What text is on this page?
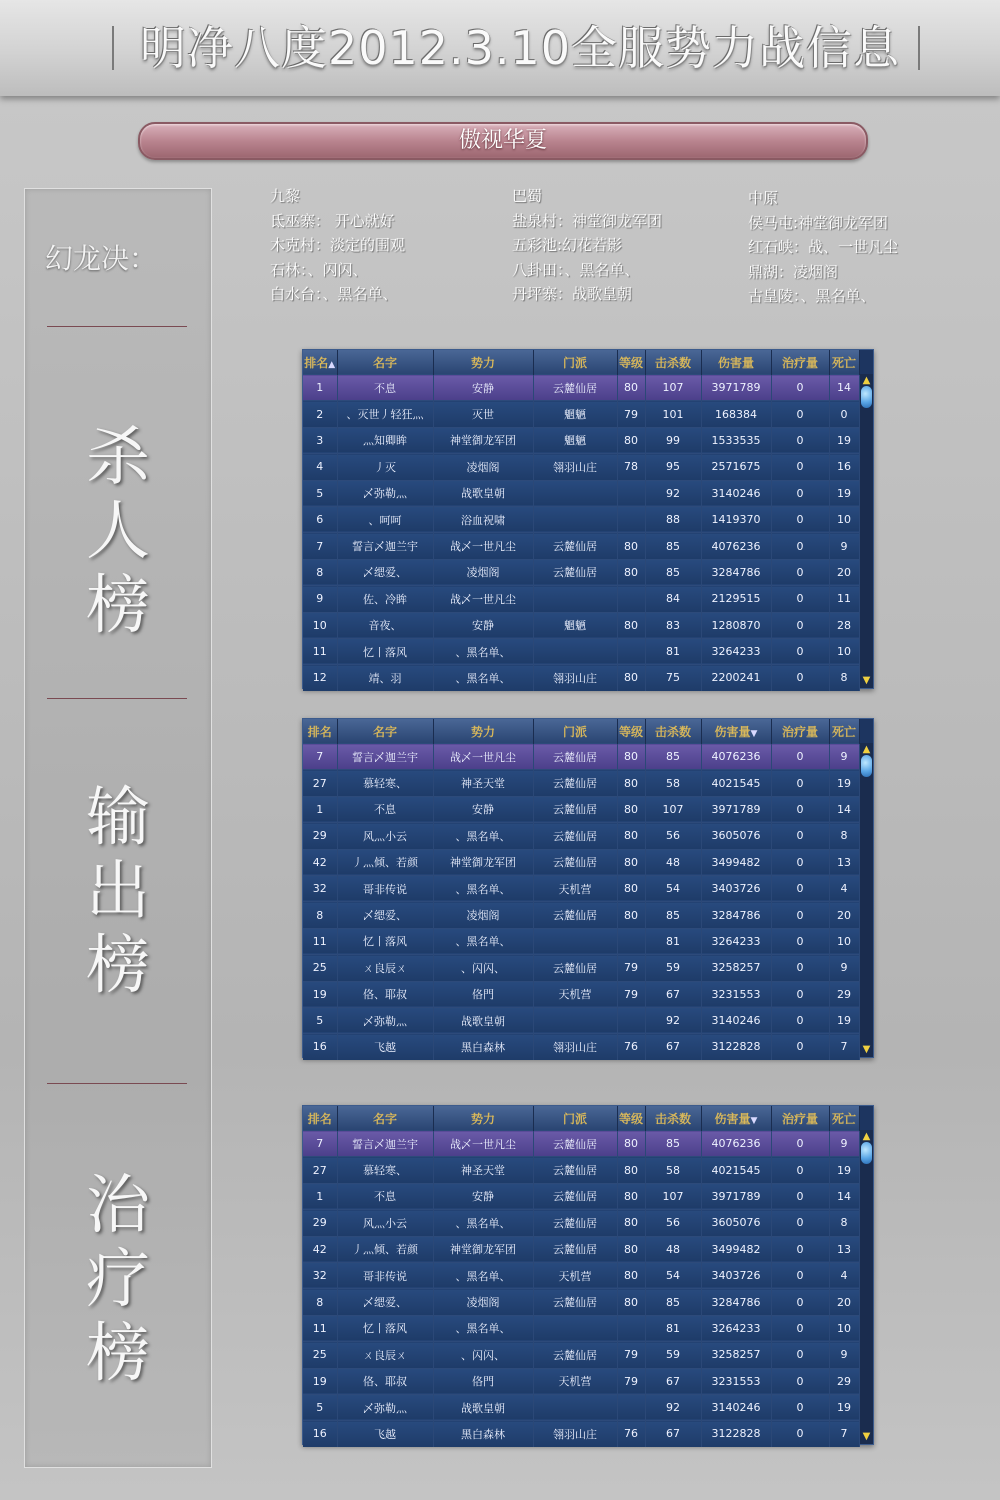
明净八度2012.3.10全服势力战信息
傲视华夏
幻龙决：
杀
人
榜
输
出
榜
治
疗
榜
九黎
氐巫寨： 开心就好
木克村：淡定的围观
石林：、闪闪、
白水台：、黑名单、
巴蜀
盐泉村：神堂御龙军团
五彩池:幻花若影
八卦田：、黑名单、
丹坪寨：战歌皇朝
中原
侯马屯:神堂御龙军团
红石峡：战、一世凡尘
鼎湖：凌烟阁
古皇陵：、黑名单、
排名▲	名字	势力	门派	等级	击杀数	伤害量	治疗量	死亡
1	不息	安静	云麓仙居	80	107	3971789	0	14
2	、灭世丿轻狂灬	灭世	魍魉	79	101	168384	0	0
3	灬知卿眸	神堂御龙军团	魍魉	80	99	1533535	0	19
4	丿灭	凌烟阁	翎羽山庄	78	95	2571675	0	16
5	乄弥勒灬	战歌皇朝			92	3140246	0	19
6	、呵呵	浴血祝啸			88	1419370	0	10
7	誓言乄迦兰宇	战乄一世凡尘	云麓仙居	80	85	4076236	0	9
8	乄缌爱、	凌烟阁	云麓仙居	80	85	3284786	0	20
9	佐、冷眸	战乄一世凡尘			84	2129515	0	11
10	音夜、	安静	魍魉	80	83	1280870	0	28
11	忆丨落风	、黑名单、			81	3264233	0	10
12	靖、羽	、黑名单、	翎羽山庄	80	75	2200241	0	8
▲
▼
排名	名字	势力	门派	等级	击杀数	伤害量▼	治疗量	死亡
7	誓言乄迦兰宇	战乄一世凡尘	云麓仙居	80	85	4076236	0	9
27	慕轻寒、	神圣天堂	云麓仙居	80	58	4021545	0	19
1	不息	安静	云麓仙居	80	107	3971789	0	14
29	风灬小云	、黑名单、	云麓仙居	80	56	3605076	0	8
42	丿灬倾、若颜	神堂御龙军团	云麓仙居	80	48	3499482	0	13
32	哥非传说	、黑名单、	天机营	80	54	3403726	0	4
8	乄缌爱、	凌烟阁	云麓仙居	80	85	3284786	0	20
11	忆丨落风	、黑名单、			81	3264233	0	10
25	ㄨ良辰ㄨ	、闪闪、	云麓仙居	79	59	3258257	0	9
19	佫、耶叔	佫門	天机营	79	67	3231553	0	29
5	乄弥勒灬	战歌皇朝			92	3140246	0	19
16	飞越	黑白森林	翎羽山庄	76	67	3122828	0	7
▲
▼
排名	名字	势力	门派	等级	击杀数	伤害量▼	治疗量	死亡
7	誓言乄迦兰宇	战乄一世凡尘	云麓仙居	80	85	4076236	0	9
27	慕轻寒、	神圣天堂	云麓仙居	80	58	4021545	0	19
1	不息	安静	云麓仙居	80	107	3971789	0	14
29	风灬小云	、黑名单、	云麓仙居	80	56	3605076	0	8
42	丿灬倾、若颜	神堂御龙军团	云麓仙居	80	48	3499482	0	13
32	哥非传说	、黑名单、	天机营	80	54	3403726	0	4
8	乄缌爱、	凌烟阁	云麓仙居	80	85	3284786	0	20
11	忆丨落风	、黑名单、			81	3264233	0	10
25	ㄨ良辰ㄨ	、闪闪、	云麓仙居	79	59	3258257	0	9
19	佫、耶叔	佫門	天机营	79	67	3231553	0	29
5	乄弥勒灬	战歌皇朝			92	3140246	0	19
16	飞越	黑白森林	翎羽山庄	76	67	3122828	0	7
▲
▼
